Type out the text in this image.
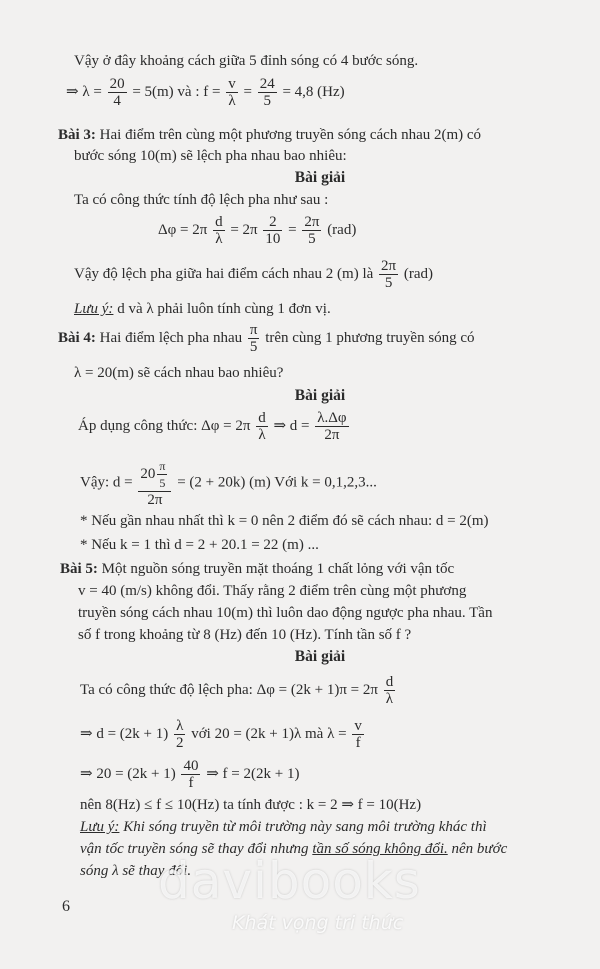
Vậy ở đây khoảng cách giữa 5 đỉnh sóng có 4 bước sóng.
⇒ $\lambda = \frac{20}{4} = 5(m)$ và : $f = \frac{v}{\lambda} = \frac{24}{5} = 4,8$ (Hz)
Bài 3: Hai điểm trên cùng một phương truyền sóng cách nhau 2(m) có
bước sóng 10(m) sẽ lệch pha nhau bao nhiêu:
Bài giải
Ta có công thức tính độ lệch pha như sau :
$\Delta\varphi = 2\pi \frac{d}{\lambda} = 2\pi \frac{2}{10} = \frac{2\pi}{5} (rad)$
Vậy độ lệch pha giữa hai điểm cách nhau 2 (m) là $\frac{2\pi}{5} (rad)$
Lưu ý: d và λ phải luôn tính cùng 1 đơn vị.
Bài 4: Hai điểm lệch pha nhau $\frac{\pi}{5}$ trên cùng 1 phương truyền sóng có
λ = 20(m) sẽ cách nhau bao nhiêu?
Bài giải
Áp dụng công thức: $\Delta\varphi = 2\pi \frac{d}{\lambda}$ ⇒ $d = \frac{\lambda.\Delta\varphi}{2\pi}$
Vậy: $d = \frac{20 \frac{\pi}{5}}{2\pi} = (2 + 20k)$ (m) Với k = 0,1,2,3...
* Nếu gần nhau nhất thì k = 0 nên 2 điểm đó sẽ cách nhau: d = 2(m)
* Nếu k = 1 thì d = 2 + 20.1 = 22 (m) ...
Bài 5: Một nguồn sóng truyền mặt thoáng 1 chất lỏng với vận tốc
v = 40 (m/s) không đổi. Thấy rằng 2 điểm trên cùng một phương
truyền sóng cách nhau 10(m) thì luôn dao động ngược pha nhau. Tần
số f trong khoảng từ 8 (Hz) đến 10 (Hz). Tính tần số f ?
Bài giải
Ta có công thức độ lệch pha: $\Delta\varphi = (2k + 1)\pi = 2\pi \frac{d}{\lambda}$
⇒ $d = (2k + 1) \frac{\lambda}{2}$ với 20 = (2k + 1)λ mà $\lambda = \frac{v}{f}$
⇒ $20 = (2k + 1) \frac{40}{f}$ ⇒ f = 2(2k + 1)
nên 8(Hz) ≤ f ≤ 10(Hz) ta tính được : k = 2 ⇒ f = 10(Hz)
Lưu ý: Khi sóng truyền từ môi trường này sang môi trường khác thì
vận tốc truyền sóng sẽ thay đổi nhưng tần số sóng không đổi. nên bước
sóng λ sẽ thay đổi.
6 davibooks
Khát vọng tri thức
